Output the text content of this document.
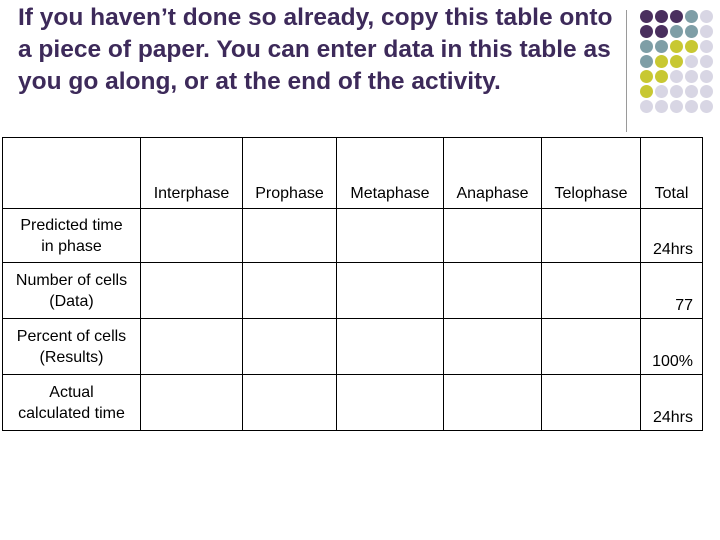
If you haven’t done so already, copy this table onto a piece of paper. You can enter data in this table as you go along, or at the end of the activity.
	Interphase	Prophase	Metaphase	Anaphase	Telophase	Total
Predicted time
in phase						24hrs
Number of cells
(Data)						77
Percent of cells
(Results)						100%
Actual
calculated time						24hrs
